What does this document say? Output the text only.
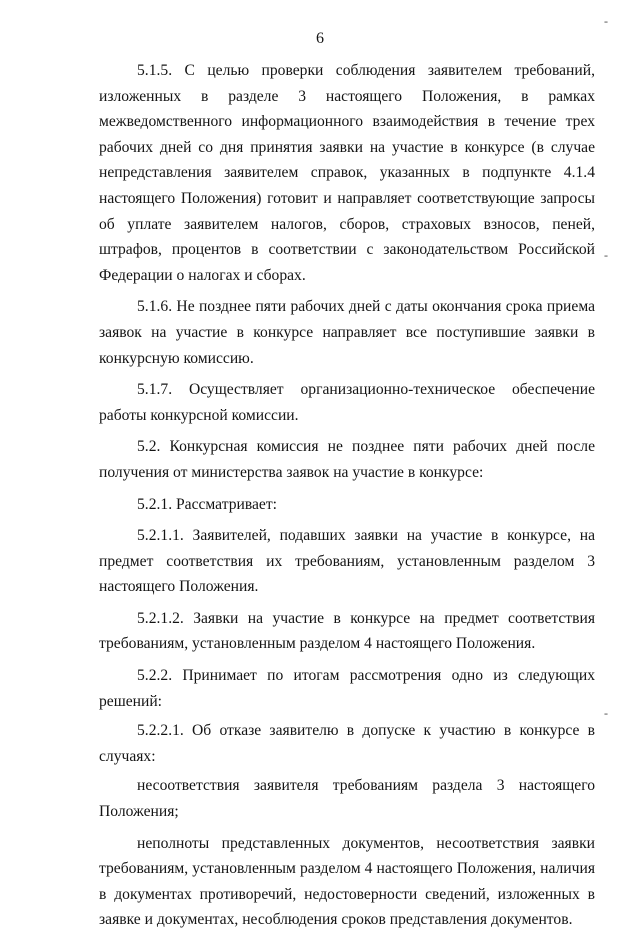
6
-
-
-

5.1.5. С целью проверки соблюдения заявителем требований, изложенных в разделе 3 настоящего Положения, в рамках межведомственного информационного взаимодействия в течение трех рабочих дней со дня принятия заявки на участие в конкурсе (в случае непредставления заявителем справок, указанных в подпункте 4.1.4 настоящего Положения) готовит и направляет соответствующие запросы об уплате заявителем налогов, сборов, страховых взносов, пеней, штрафов, процентов в соответствии с законодательством Российской Федерации о налогах и сборах.

5.1.6. Не позднее пяти рабочих дней с даты окончания срока приема заявок на участие в конкурсе направляет все поступившие заявки в конкурсную комиссию.

5.1.7. Осуществляет организационно-техническое обеспечение работы конкурсной комиссии.

5.2. Конкурсная комиссия не позднее пяти рабочих дней после получения от министерства заявок на участие в конкурсе:

5.2.1. Рассматривает:

5.2.1.1. Заявителей, подавших заявки на участие в конкурсе, на предмет соответствия их требованиям, установленным разделом 3 настоящего Положения.

5.2.1.2. Заявки на участие в конкурсе на предмет соответствия требованиям, установленным разделом 4 настоящего Положения.

5.2.2. Принимает по итогам рассмотрения одно из следующих решений:

5.2.2.1. Об отказе заявителю в допуске к участию в конкурсе в случаях:

несоответствия заявителя требованиям раздела 3 настоящего Положения;

неполноты представленных документов, несоответствия заявки требованиям, установленным разделом 4 настоящего Положения, наличия в документах противоречий, недостоверности сведений, изложенных в заявке и документах, несоблюдения сроков представления документов.
